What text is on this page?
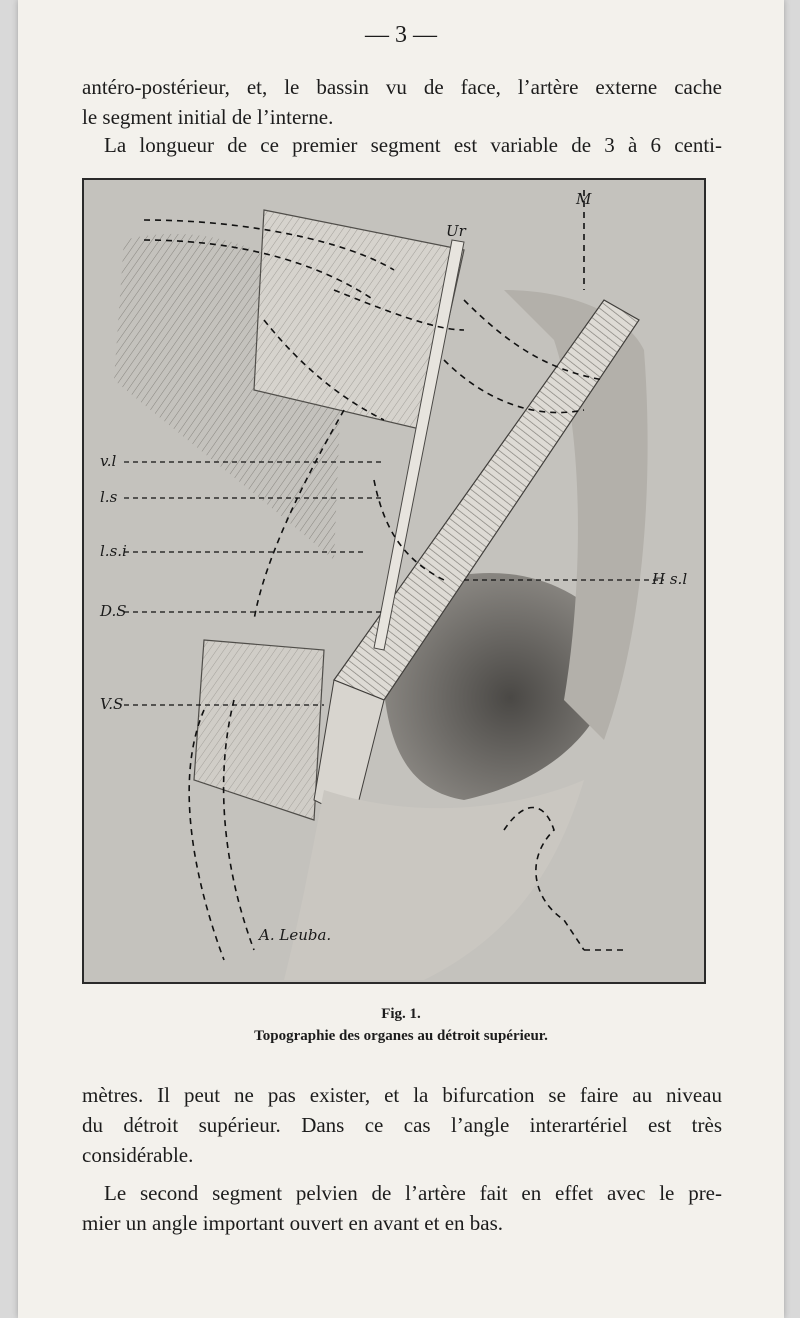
— 3 —
antéro-postérieur, et, le bassin vu de face, l’artère externe cache
le segment initial de l’interne.
La longueur de ce premier segment est variable de 3 à 6 centi-
Ur
M
v.l
l.s
l.s.i
D.S
V.S
H s.l
A. Leuba.
Fig. 1.
Topographie des organes au détroit supérieur.
mètres. Il peut ne pas exister, et la bifurcation se faire au niveau
du détroit supérieur. Dans ce cas l’angle interartériel est très
considérable.
Le second segment pelvien de l’artère fait en effet avec le pre-
mier un angle important ouvert en avant et en bas.
